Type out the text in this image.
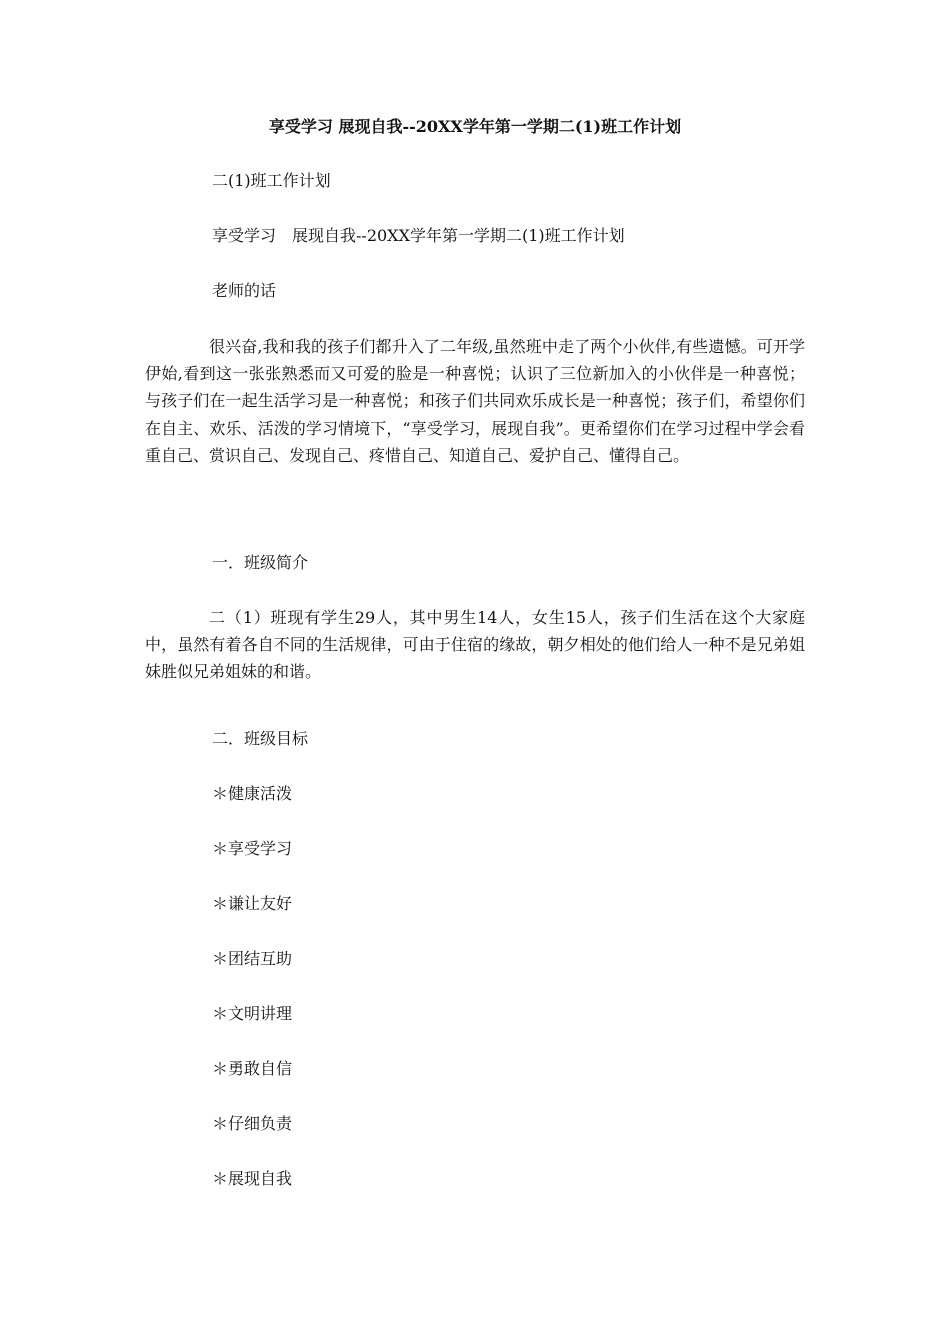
享受学习 展现自我--20XX学年第一学期二(1)班工作计划
二(1)班工作计划
享受学习　展现自我--20XX学年第一学期二(1)班工作计划
老师的话

很兴奋,我和我的孩子们都升入了二年级,虽然班中走了两个小伙伴,有些遗憾。可开学伊始,看到这一张张熟悉而又可爱的脸是一种喜悦；认识了三位新加入的小伙伴是一种喜悦；与孩子们在一起生活学习是一种喜悦；和孩子们共同欢乐成长是一种喜悦；孩子们，希望你们在自主、欢乐、活泼的学习情境下，“享受学习，展现自我”。更希望你们在学习过程中学会看重自己、赏识自己、发现自己、疼惜自己、知道自己、爱护自己、懂得自己。

一．班级简介

二（1）班现有学生29人，其中男生14人，女生15人，孩子们生活在这个大家庭中，虽然有着各自不同的生活规律，可由于住宿的缘故，朝夕相处的他们给人一种不是兄弟姐妹胜似兄弟姐妹的和谐。

二．班级目标
＊健康活泼
＊享受学习
＊谦让友好
＊团结互助
＊文明讲理
＊勇敢自信
＊仔细负责
＊展现自我
